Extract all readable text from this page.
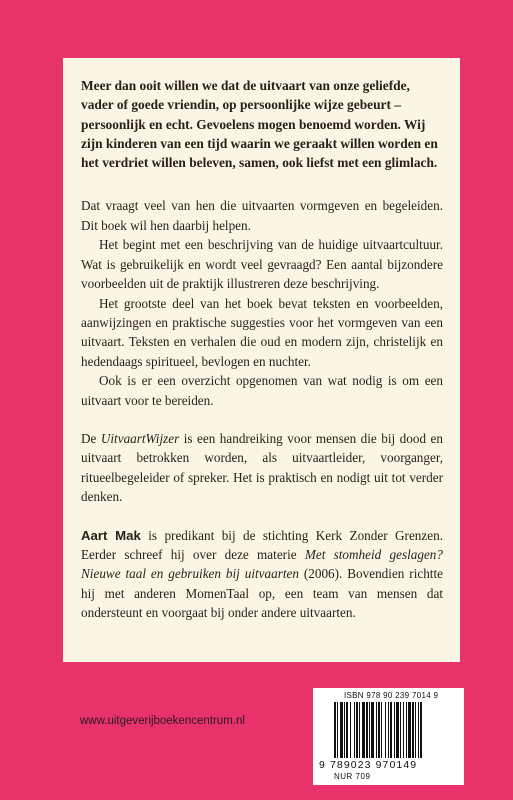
Meer dan ooit willen we dat de uitvaart van onze geliefde, vader of goede vriendin, op persoonlijke wijze gebeurt – persoonlijk en echt. Gevoelens mogen benoemd worden. Wij zijn kinderen van een tijd waarin we geraakt willen worden en het verdriet willen beleven, samen, ook liefst met een glimlach.

Dat vraagt veel van hen die uitvaarten vormgeven en begeleiden. Dit boek wil hen daarbij helpen.

Het begint met een beschrijving van de huidige uitvaartcultuur. Wat is gebruikelijk en wordt veel gevraagd? Een aantal bijzondere voorbeelden uit de praktijk illustreren deze beschrijving.

Het grootste deel van het boek bevat teksten en voorbeelden, aanwijzingen en praktische suggesties voor het vormgeven van een uitvaart. Teksten en verhalen die oud en modern zijn, christelijk en hedendaags spiritueel, bevlogen en nuchter.

Ook is er een overzicht opgenomen van wat nodig is om een uitvaart voor te bereiden.

De UitvaartWijzer is een handreiking voor mensen die bij dood en uitvaart betrokken worden, als uitvaartleider, voorganger, ritueelbegeleider of spreker. Het is praktisch en nodigt uit tot verder denken.

Aart Mak is predikant bij de stichting Kerk Zonder Grenzen. Eerder schreef hij over deze materie Met stomheid geslagen? Nieuwe taal en gebruiken bij uitvaarten (2006). Bovendien richtte hij met anderen MomenTaal op, een team van mensen dat ondersteunt en voorgaat bij onder andere uitvaarten.

www.uitgeverijboekencentrum.nl
ISBN 978 90 239 7014 9
9 789023 970149
NUR 709
